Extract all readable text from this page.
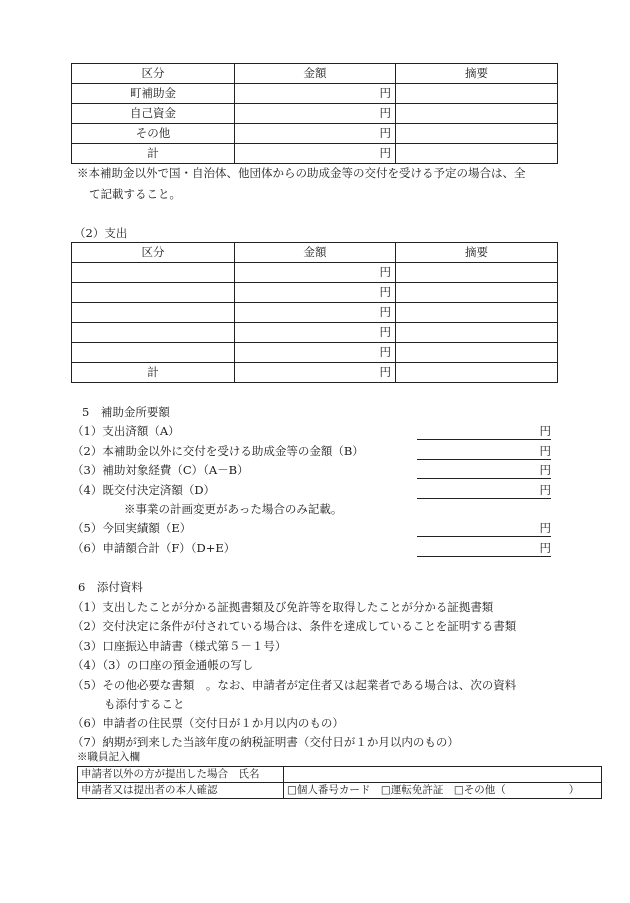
区分	金額	摘要
町補助金	円	
自己資金	円	
その他	円	
計	円	
※本補助金以外で国・自治体、他団体からの助成金等の交付を受ける予定の場合は、全
て記載すること。
（2）支出
区分	金額	摘要
	円	
	円	
	円	
	円	
	円	
計	円	
5　補助金所要額
（1）支出済額（A）	円
（2）本補助金以外に交付を受ける助成金等の金額（B）	円
（3）補助対象経費（C）（A－B）	円
（4）既交付決定済額（D）	円
※事業の計画変更があった場合のみ記載。
（5）今回実績額（E）	円
（6）申請額合計（F）（D+E）	円
6　添付資料
（1）支出したことが分かる証拠書類及び免許等を取得したことが分かる証拠書類
（2）交付決定に条件が付されている場合は、条件を達成していることを証明する書類
（3）口座振込申請書（様式第５－１号）
（4）（3）の口座の預金通帳の写し
（5）その他必要な書類　。なお、申請者が定住者又は起業者である場合は、次の資料
も添付すること
（6）申請者の住民票（交付日が１か月以内のもの）
（7）納期が到来した当該年度の納税証明書（交付日が１か月以内のもの）
※職員記入欄
申請者以外の方が提出した場合　氏名	
申請者又は提出者の本人確認	□個人番号カード　□運転免許証　□その他（　　　　　　）
